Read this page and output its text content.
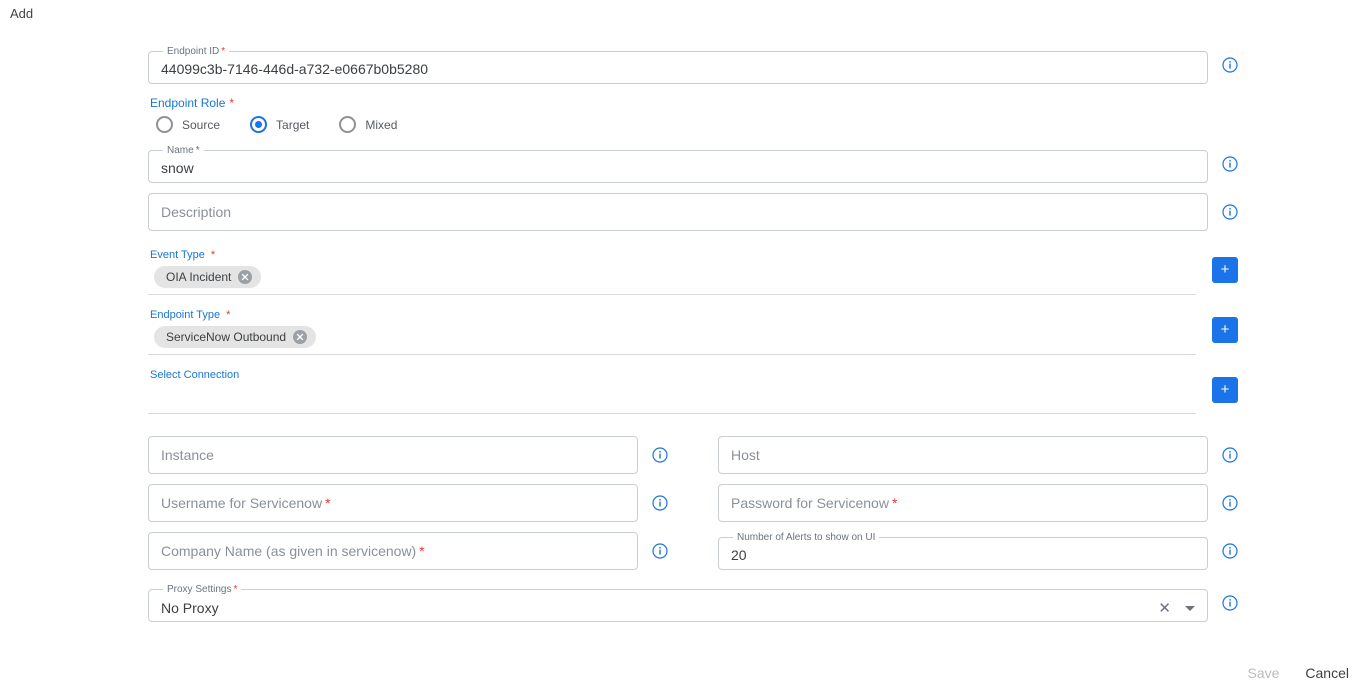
Add
Endpoint ID *
44099c3b-7146-446d-a732-e0667b0b5280
Endpoint Role *
Source	Target	Mixed
Name *
snow
Description
Event Type *
OIA Incident	+
Endpoint Type *
ServiceNow Outbound	+
Select Connection
+
Instance	Host
Username for Servicenow *	Password for Servicenow *
Company Name (as given in servicenow) *
Number of Alerts to show on UI
20
Proxy Settings *
No Proxy	✕
Save	Cancel
